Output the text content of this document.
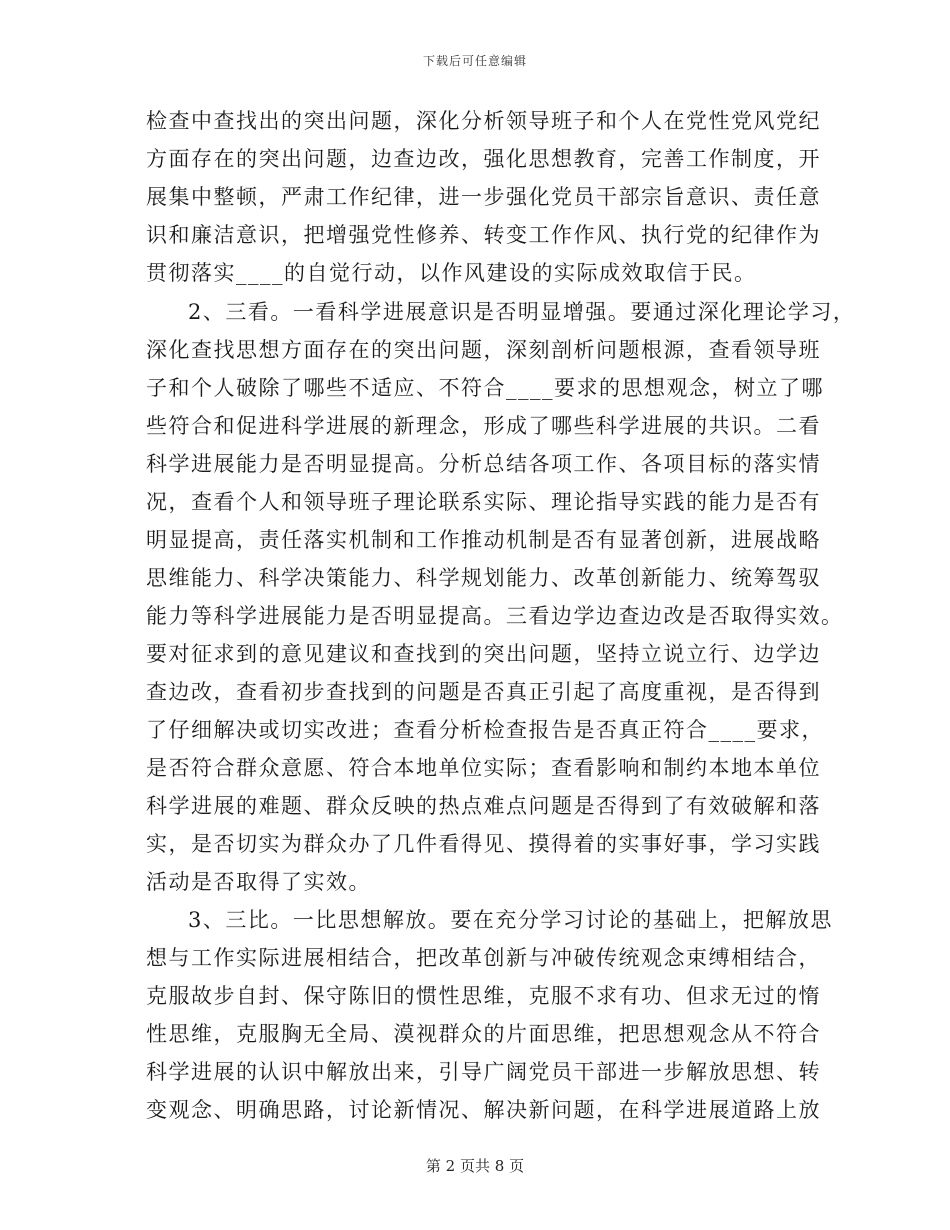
下载后可任意编辑
检查中查找出的突出问题，深化分析领导班子和个人在党性党风党纪
方面存在的突出问题，边查边改，强化思想教育，完善工作制度，开
展集中整顿，严肃工作纪律，进一步强化党员干部宗旨意识、责任意
识和廉洁意识，把增强党性修养、转变工作作风、执行党的纪律作为
贯彻落实____的自觉行动，以作风建设的实际成效取信于民。
2、三看。一看科学进展意识是否明显增强。要通过深化理论学习，
深化查找思想方面存在的突出问题，深刻剖析问题根源，查看领导班
子和个人破除了哪些不适应、不符合____要求的思想观念，树立了哪
些符合和促进科学进展的新理念，形成了哪些科学进展的共识。二看
科学进展能力是否明显提高。分析总结各项工作、各项目标的落实情
况，查看个人和领导班子理论联系实际、理论指导实践的能力是否有
明显提高，责任落实机制和工作推动机制是否有显著创新，进展战略
思维能力、科学决策能力、科学规划能力、改革创新能力、统筹驾驭
能力等科学进展能力是否明显提高。三看边学边查边改是否取得实效。
要对征求到的意见建议和查找到的突出问题，坚持立说立行、边学边
查边改，查看初步查找到的问题是否真正引起了高度重视，是否得到
了仔细解决或切实改进；查看分析检查报告是否真正符合____要求，
是否符合群众意愿、符合本地单位实际；查看影响和制约本地本单位
科学进展的难题、群众反映的热点难点问题是否得到了有效破解和落
实，是否切实为群众办了几件看得见、摸得着的实事好事，学习实践
活动是否取得了实效。
3、三比。一比思想解放。要在充分学习讨论的基础上，把解放思
想与工作实际进展相结合，把改革创新与冲破传统观念束缚相结合，
克服故步自封、保守陈旧的惯性思维，克服不求有功、但求无过的惰
性思维，克服胸无全局、漠视群众的片面思维，把思想观念从不符合
科学进展的认识中解放出来，引导广阔党员干部进一步解放思想、转
变观念、明确思路，讨论新情况、解决新问题，在科学进展道路上放
第 2 页共 8 页
